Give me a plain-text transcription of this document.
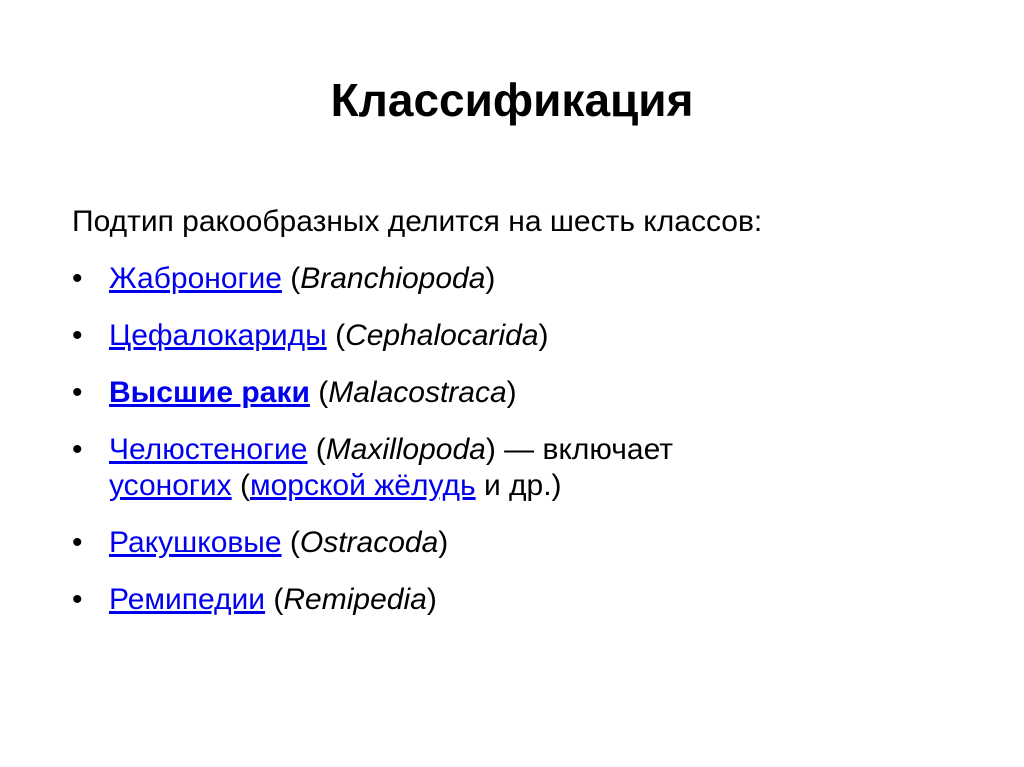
Классификация

Подтип ракообразных делится на шесть классов:

• Жаброногие (Branchiopoda)
• Цефалокариды (Cephalocarida)
• Высшие раки (Malacostraca)
• Челюстеногие (Maxillopoda) — включает
усоногих (морской жёлудь и др.)
• Ракушковые (Ostracoda)
• Ремипедии (Remipedia)
